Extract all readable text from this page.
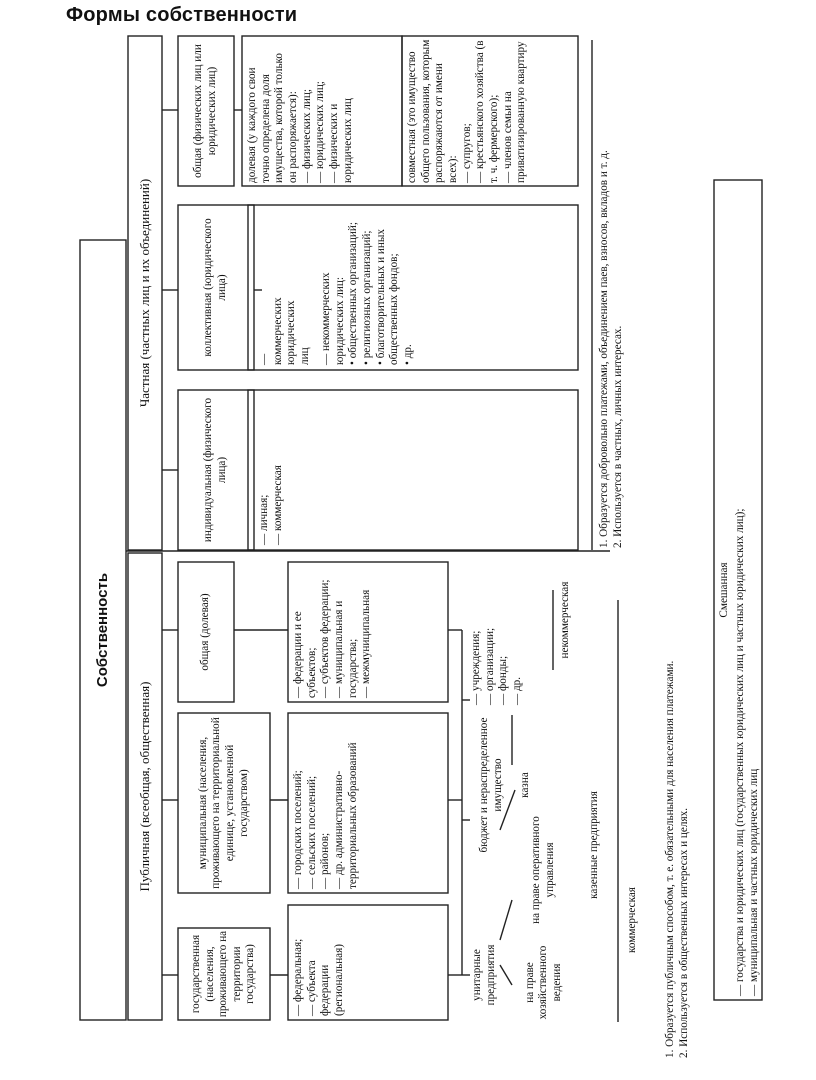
Формы собственности
Собственность
Публичная (всеобщая, общественная)
Частная (частных лиц и их объединений)
государственная (населения, проживающего на территории государства)
муниципальная (населения, проживающего на территориальной единице, установленной государством)
общая (долевая)
— федеральная;
— субъекта федерации (региональная)
— городских поселений;
— сельских поселений;
— районов;
— др. административно-территориальных образований
— федерации и ее субъектов;
— субъектов федерации;
— муниципальная и государства;
— межмуниципальная
унитарные предприятия на праве хозяйственного ведения
на праве оперативного управления	казенные предприятия
коммерческая
казна
бюджет и нераспределенное имущество
— учреждения;
— организации;
— фонды;
— др.
некоммерческая
1. Образуется публичным способом, т. е. обязательными для населения платежами.
2. Используется в общественных интересах и целях.
индивидуальная (физического лица)
коллективная (юридического лица)
общая (физических лиц или юридических лиц)
— личная;
— коммерческая
— коммерческих юридических лиц — некоммерческих юридических лиц:
• общественных организаций;
• религиозных организаций;
• благотворительных и иных общественных фондов;
• др.
долевая (у каждого свои точно определена доля имущества, которой только он распоряжается):
— физических лиц;
— юридических лиц;
— физических и юридических лиц
совместная (это имущество общего пользования, которым распоряжаются от имени всех):
— супругов;
— крестьянского хозяйства (в т. ч. фермерского);
— членов семьи на приватизированную квартиру
1. Образуется добровольно платежами, объединением паев, взносов, вкладов и т. д.
2. Используется в частных, личных интересах.
Смешанная
— государства и юридических лиц (государственных юридических лиц и частных юридических лиц);
— муниципальная и частных юридических лиц
